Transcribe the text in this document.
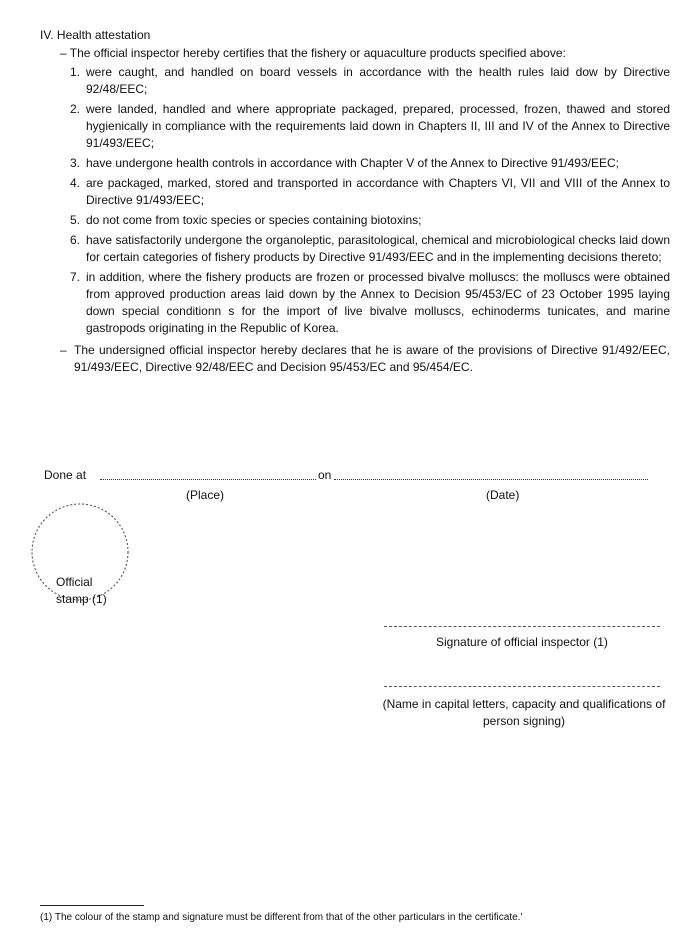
IV. Health attestation
– The official inspector hereby certifies that the fishery or aquaculture products specified above:
1. were caught, and handled on board vessels in accordance with the health rules laid dow by Directive 92/48/EEC;
2. were landed, handled and where appropriate packaged, prepared, processed, frozen, thawed and stored hygienically in compliance with the requirements laid down in Chapters II, III and IV of the Annex to Directive 91/493/EEC;
3. have undergone health controls in accordance with Chapter V of the Annex to Directive 91/493/EEC;
4. are packaged, marked, stored and transported in accordance with Chapters VI, VII and VIII of the Annex to Directive 91/493/EEC;
5. do not come from toxic species or species containing biotoxins;
6. have satisfactorily undergone the organoleptic, parasitological, chemical and microbiological checks laid down for certain categories of fishery products by Directive 91/493/EEC and in the implementing decisions thereto;
7. in addition, where the fishery products are frozen or processed bivalve molluscs: the molluscs were obtained from approved production areas laid down by the Annex to Decision 95/453/EC of 23 October 1995 laying down special conditionn s for the import of live bivalve molluscs, echinoderms tunicates, and marine gastropods originating in the Republic of Korea.
– The undersigned official inspector hereby declares that he is aware of the provisions of Directive 91/492/EEC, 91/493/EEC, Directive 92/48/EEC and Decision 95/453/EC and 95/454/EC.
Done at	on
(Place)	(Date)
Official
stamp (1)
Signature of official inspector (1)
(Name in capital letters, capacity and qualifications of person signing)
(1) The colour of the stamp and signature must be different from that of the other particulars in the certificate.'
